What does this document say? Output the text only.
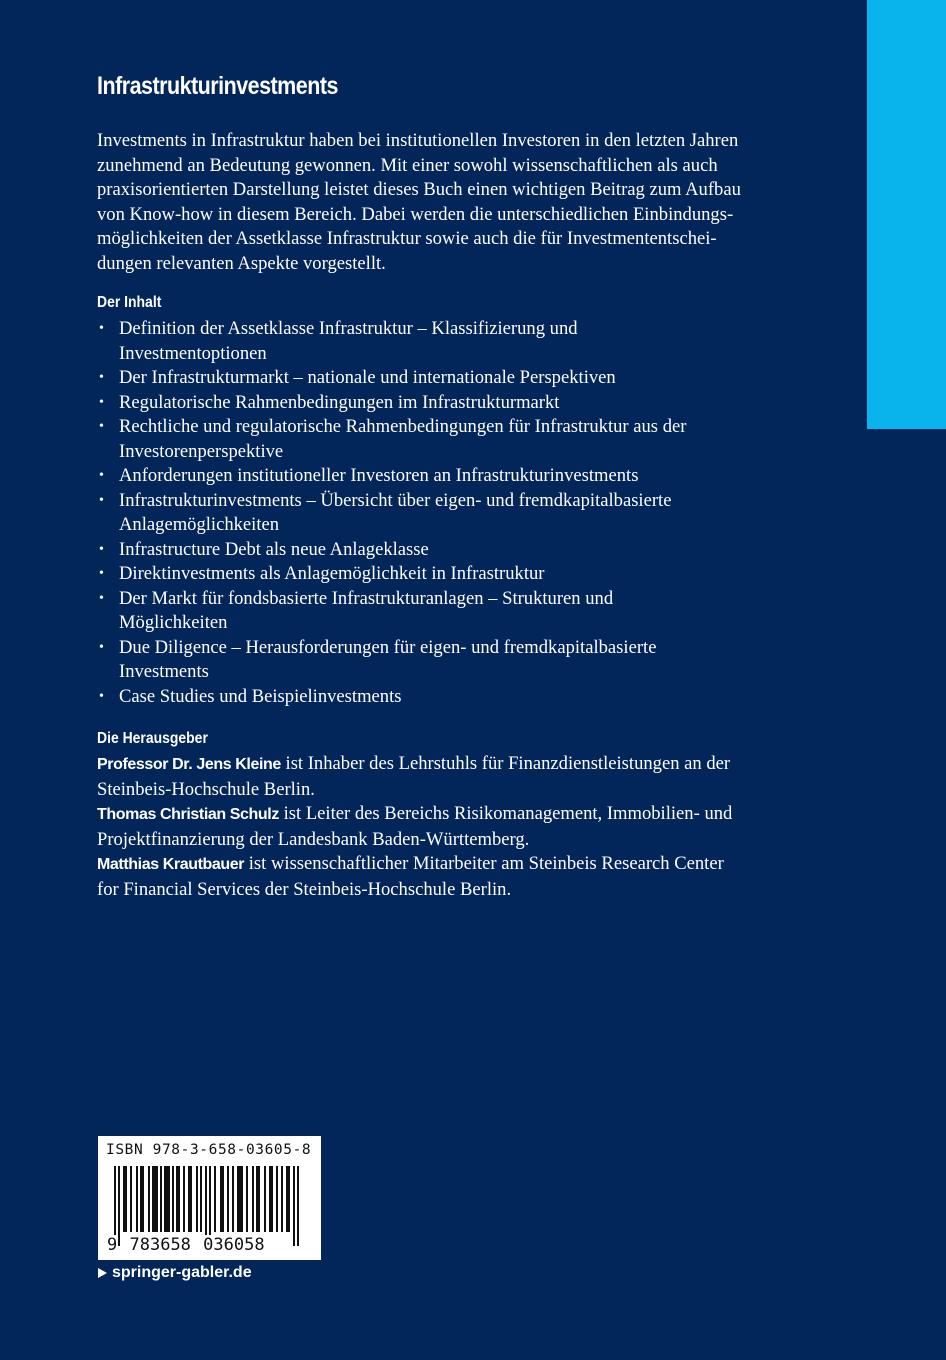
Infrastrukturinvestments
Investments in Infrastruktur haben bei institutionellen Investoren in den letzten Jahren
zunehmend an Bedeutung gewonnen. Mit einer sowohl wissenschaftlichen als auch
praxisorientierten Darstellung leistet dieses Buch einen wichtigen Beitrag zum Aufbau
von Know-how in diesem Bereich. Dabei werden die unterschiedlichen Einbindungs-
möglichkeiten der Assetklasse Infrastruktur sowie auch die für Investmententschei-
dungen relevanten Aspekte vorgestellt.
Der Inhalt
• Definition der Assetklasse Infrastruktur – Klassifizierung und
Investmentoptionen
• Der Infrastrukturmarkt – nationale und internationale Perspektiven
• Regulatorische Rahmenbedingungen im Infrastrukturmarkt
• Rechtliche und regulatorische Rahmenbedingungen für Infrastruktur aus der
Investorenperspektive
• Anforderungen institutioneller Investoren an Infrastrukturinvestments
• Infrastrukturinvestments – Übersicht über eigen- und fremdkapitalbasierte
Anlagemöglichkeiten
• Infrastructure Debt als neue Anlageklasse
• Direktinvestments als Anlagemöglichkeit in Infrastruktur
• Der Markt für fondsbasierte Infrastrukturanlagen – Strukturen und
Möglichkeiten
• Due Diligence – Herausforderungen für eigen- und fremdkapitalbasierte
Investments
• Case Studies und Beispielinvestments
Die Herausgeber
Professor Dr. Jens Kleine ist Inhaber des Lehrstuhls für Finanzdienstleistungen an der
Steinbeis-Hochschule Berlin.
Thomas Christian Schulz ist Leiter des Bereichs Risikomanagement, Immobilien- und
Projektfinanzierung der Landesbank Baden-Württemberg.
Matthias Krautbauer ist wissenschaftlicher Mitarbeiter am Steinbeis Research Center
for Financial Services der Steinbeis-Hochschule Berlin.
ISBN 978-3-658-03605-8
9 783658 036058
springer-gabler.de
